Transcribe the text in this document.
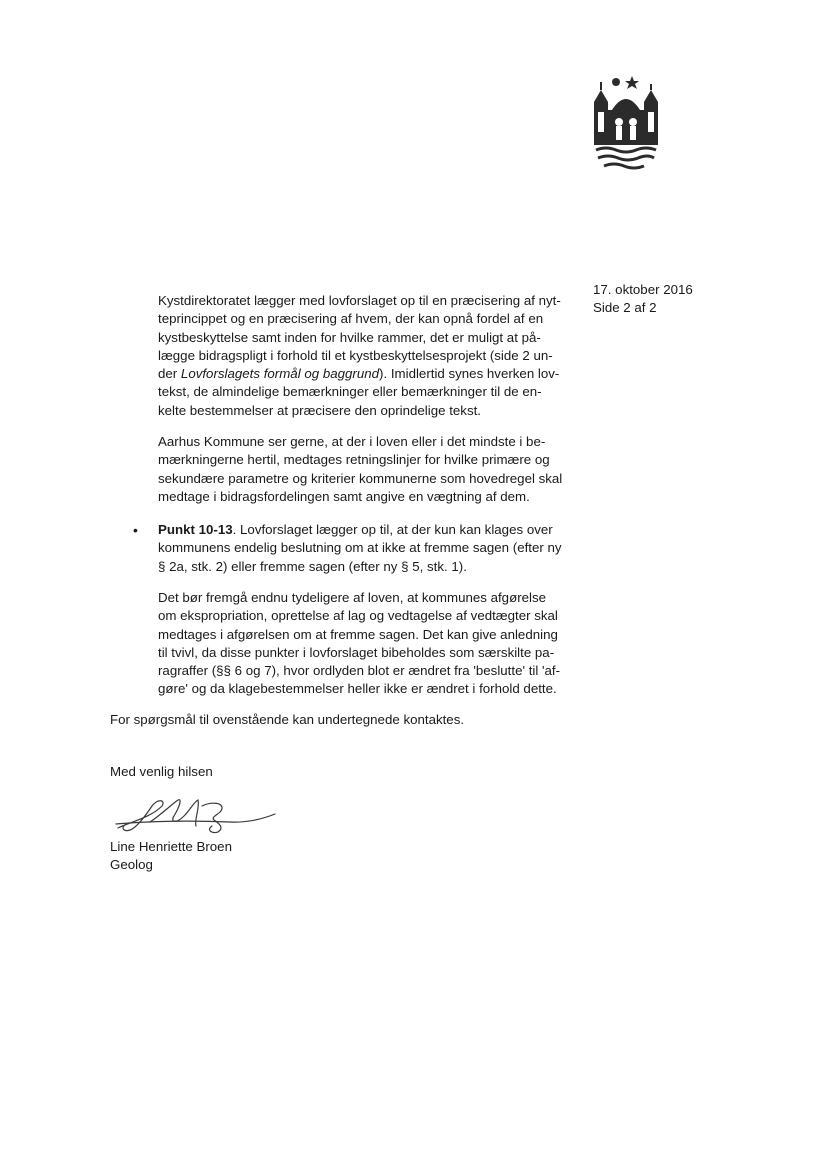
17. oktober 2016
Side 2 af 2
Kystdirektoratet lægger med lovforslaget op til en præcisering af nyt-
teprincippet og en præcisering af hvem, der kan opnå fordel af en
kystbeskyttelse samt inden for hvilke rammer, det er muligt at på-
lægge bidragspligt i forhold til et kystbeskyttelsesprojekt (side 2 un-
der Lovforslagets formål og baggrund). Imidlertid synes hverken lov-
tekst, de almindelige bemærkninger eller bemærkninger til de en-
kelte bestemmelser at præcisere den oprindelige tekst.
Aarhus Kommune ser gerne, at der i loven eller i det mindste i be-
mærkningerne hertil, medtages retningslinjer for hvilke primære og
sekundære parametre og kriterier kommunerne som hovedregel skal
medtage i bidragsfordelingen samt angive en vægtning af dem.
• Punkt 10-13. Lovforslaget lægger op til, at der kun kan klages over
kommunens endelig beslutning om at ikke at fremme sagen (efter ny
§ 2a, stk. 2) eller fremme sagen (efter ny § 5, stk. 1).
Det bør fremgå endnu tydeligere af loven, at kommunes afgørelse
om ekspropriation, oprettelse af lag og vedtagelse af vedtægter skal
medtages i afgørelsen om at fremme sagen. Det kan give anledning
til tvivl, da disse punkter i lovforslaget bibeholdes som særskilte pa-
ragraffer (§§ 6 og 7), hvor ordlyden blot er ændret fra 'beslutte' til 'af-
gøre' og da klagebestemmelser heller ikke er ændret i forhold dette.
For spørgsmål til ovenstående kan undertegnede kontaktes.
Med venlig hilsen
Line Henriette Broen
Geolog
